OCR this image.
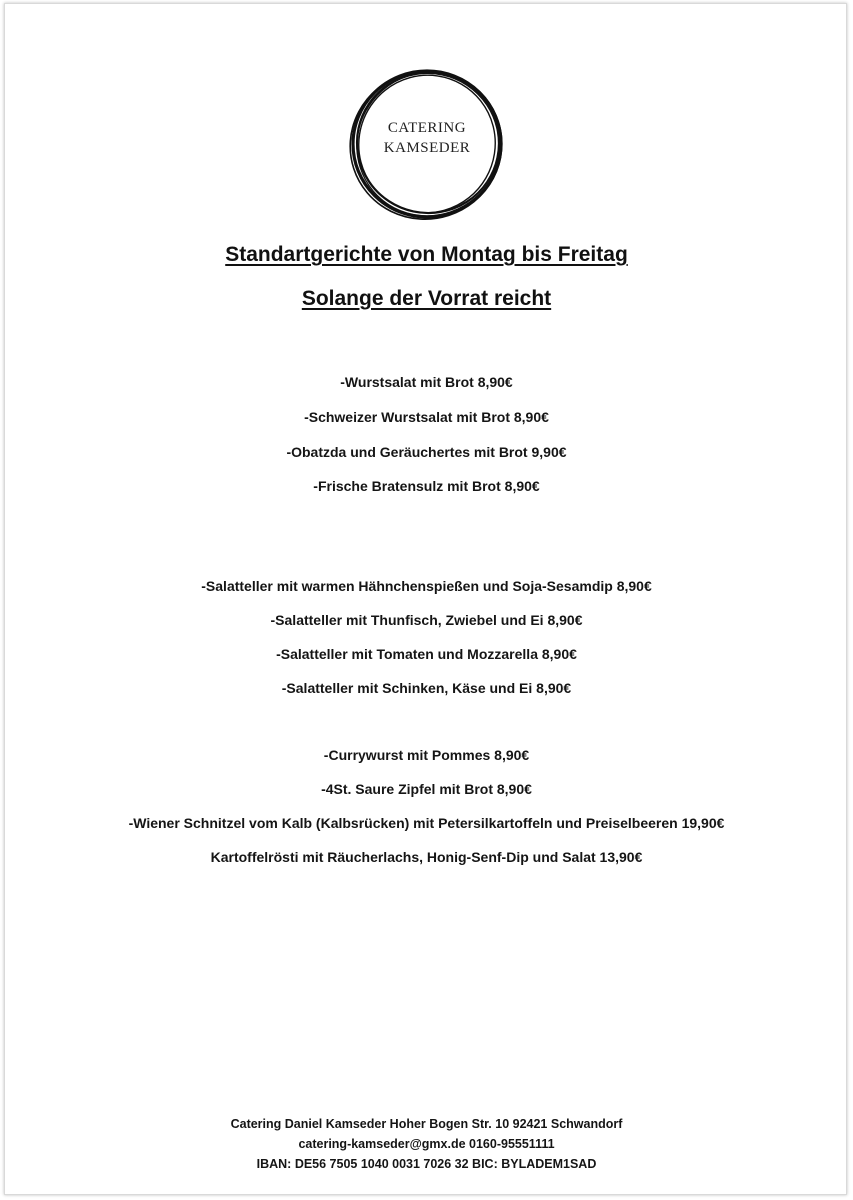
CATERING
KAMSEDER
Standartgerichte von Montag bis Freitag
Solange der Vorrat reicht
-Wurstsalat mit Brot 8,90€
-Schweizer Wurstsalat mit Brot 8,90€
-Obatzda und Geräuchertes mit Brot 9,90€
-Frische Bratensulz mit Brot 8,90€
-Salatteller mit warmen Hähnchenspießen und Soja-Sesamdip 8,90€
-Salatteller mit Thunfisch, Zwiebel und Ei 8,90€
-Salatteller mit Tomaten und Mozzarella 8,90€
-Salatteller mit Schinken, Käse und Ei 8,90€
-Currywurst mit Pommes 8,90€
-4St. Saure Zipfel mit Brot 8,90€
-Wiener Schnitzel vom Kalb (Kalbsrücken) mit Petersilkartoffeln und Preiselbeeren 19,90€
Kartoffelrösti mit Räucherlachs, Honig-Senf-Dip und Salat 13,90€
Catering Daniel Kamseder Hoher Bogen Str. 10 92421 Schwandorf
catering-kamseder@gmx.de 0160-95551111
IBAN: DE56 7505 1040 0031 7026 32 BIC: BYLADEM1SAD
